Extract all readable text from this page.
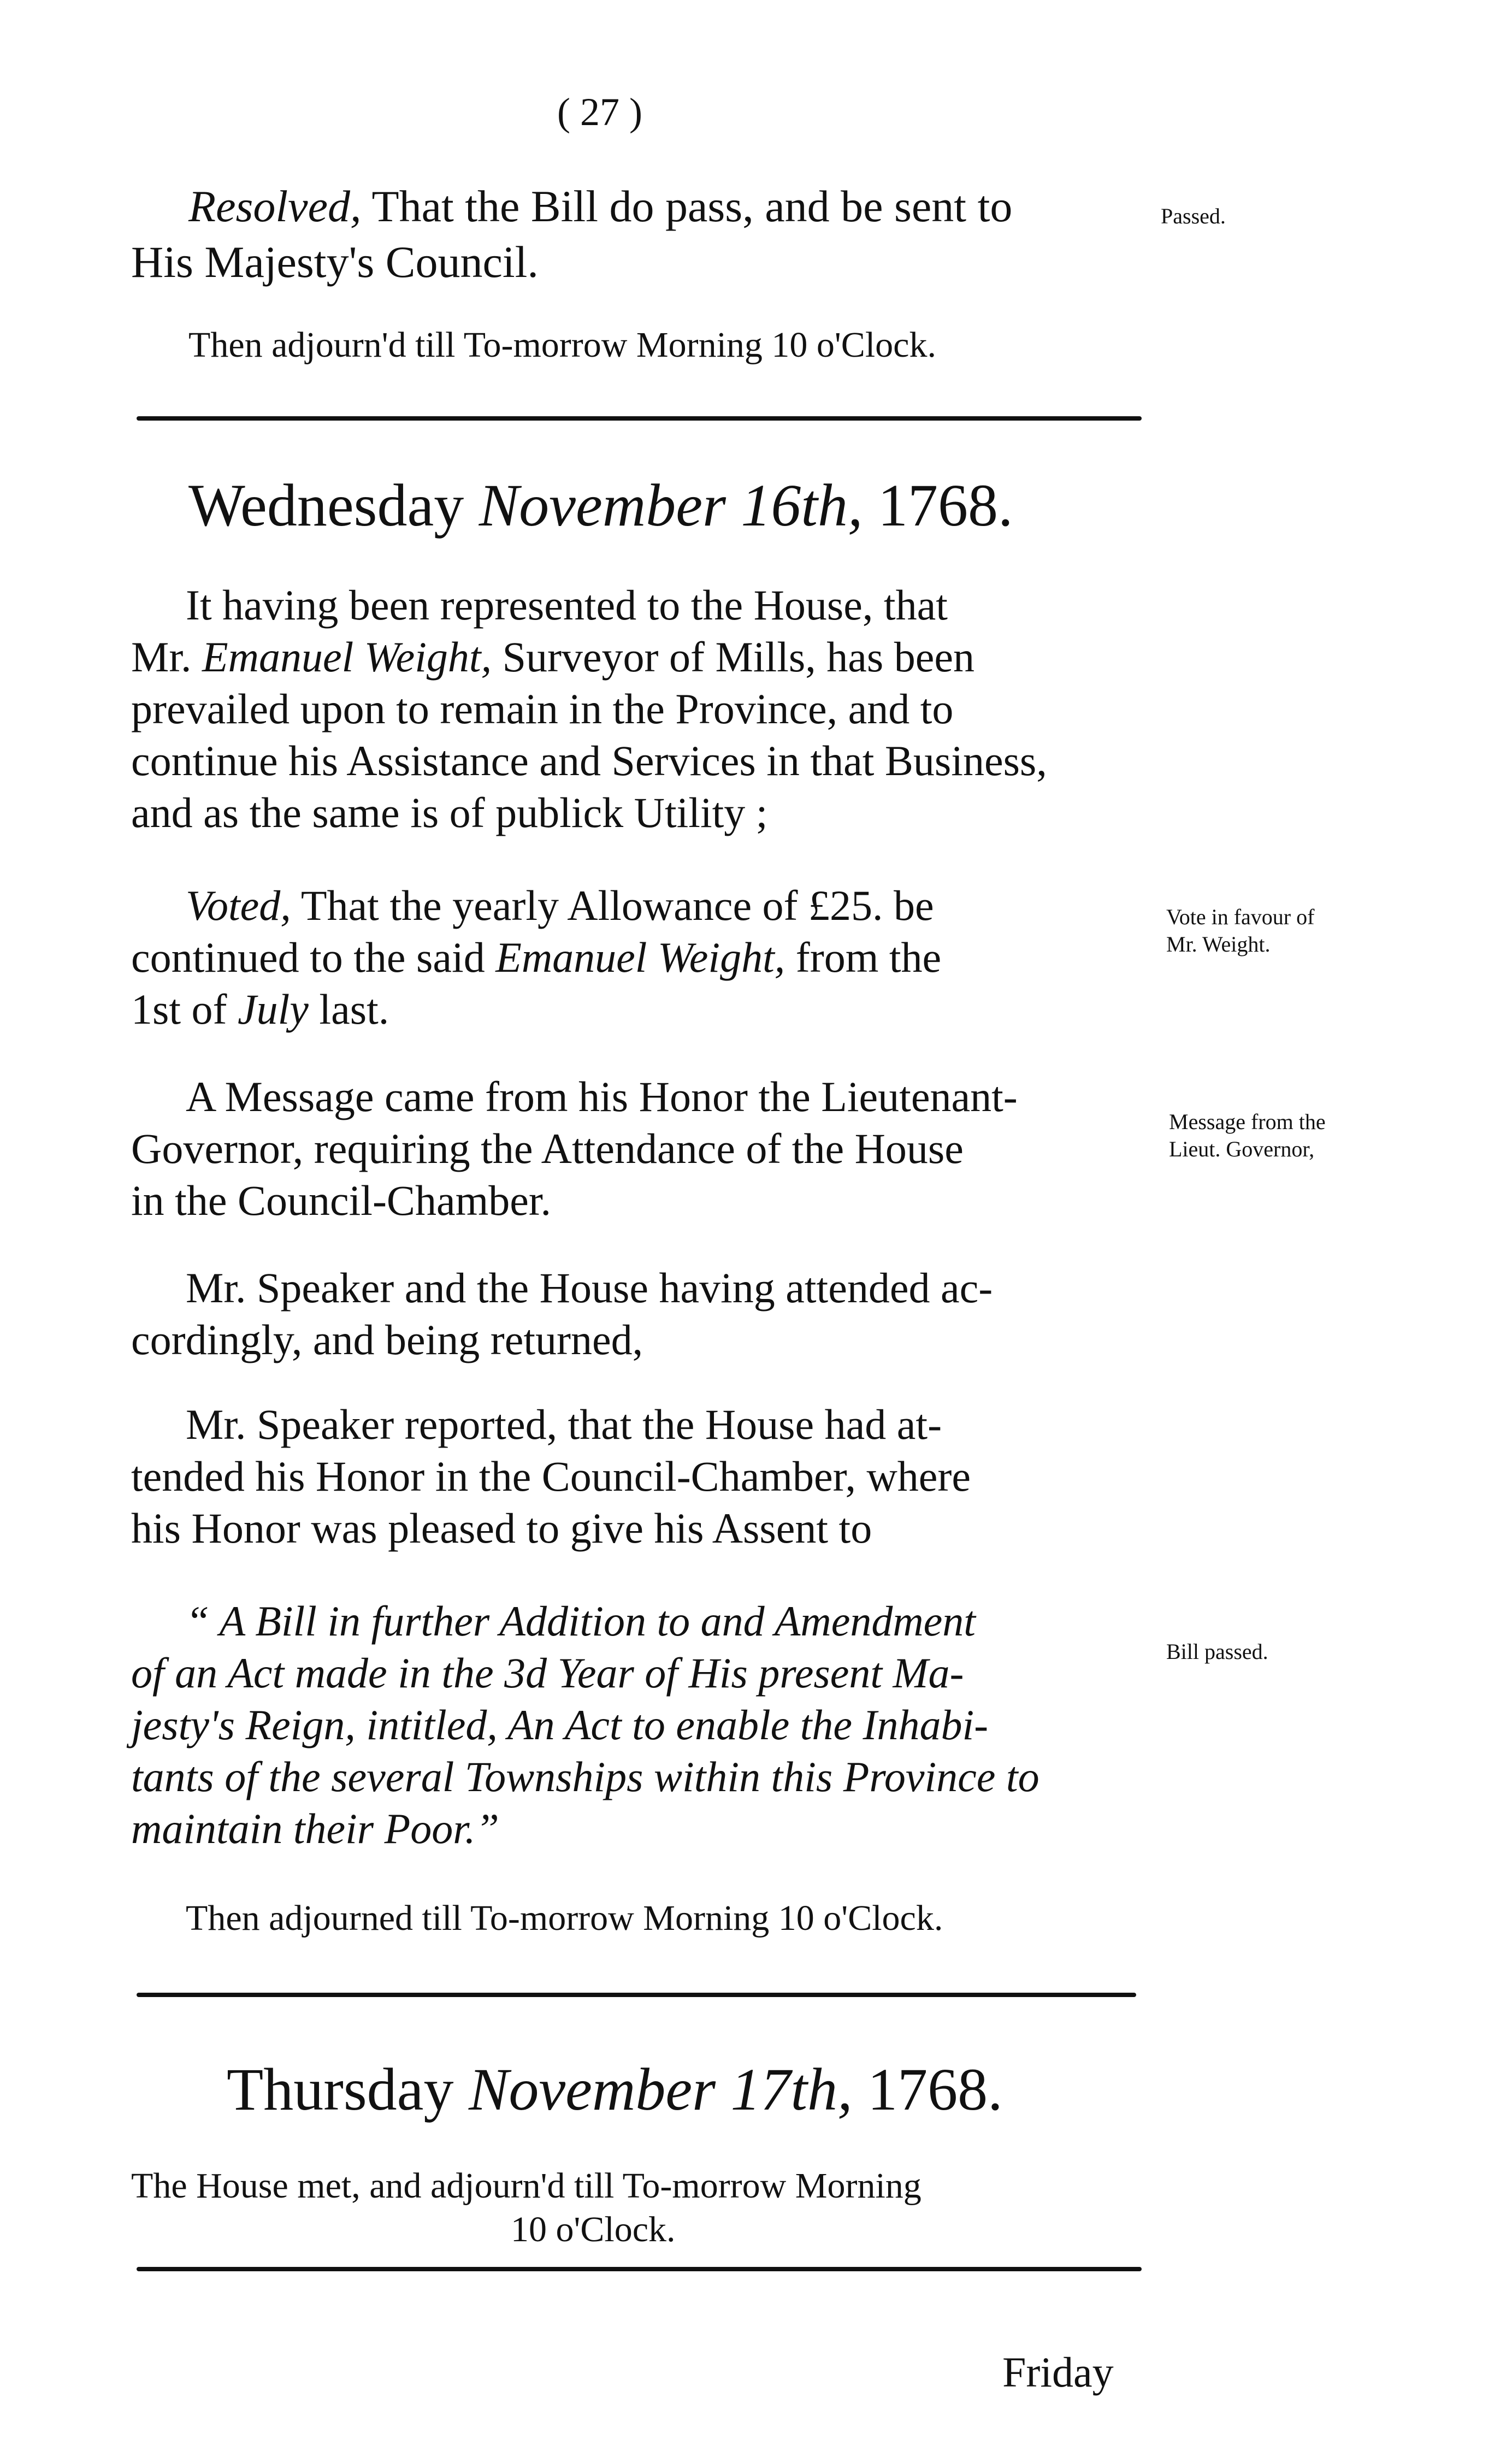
( 27 )
Resolved, That the Bill do pass, and be sent to	Passed.
His Majesty's Council.
Then adjourn'd till To-morrow Morning 10 o'Clock.
Wednesday November 16th, 1768.
It having been represented to the House, that
Mr. Emanuel Weight, Surveyor of Mills, has been
prevailed upon to remain in the Province, and to
continue his Assistance and Services in that Business,
and as the same is of publick Utility ;
Voted, That the yearly Allowance of £25. be
continued to the said Emanuel Weight, from the
1st of July last.
Vote in favour of
Mr. Weight.
A Message came from his Honor the Lieutenant-
Governor, requiring the Attendance of the House
in the Council-Chamber.
Message from the
Lieut. Governor,
Mr. Speaker and the House having attended ac-
cordingly, and being returned,
Mr. Speaker reported, that the House had at-
tended his Honor in the Council-Chamber, where
his Honor was pleased to give his Assent to
“ A Bill in further Addition to and Amendment
of an Act made in the 3d Year of His present Ma-
jesty's Reign, intitled, An Act to enable the Inhabi-
tants of the several Townships within this Province to
maintain their Poor.”
Bill passed.
Then adjourned till To-morrow Morning 10 o'Clock.
Thursday November 17th, 1768.
The House met, and adjourn'd till To-morrow Morning
10 o'Clock.
Friday
